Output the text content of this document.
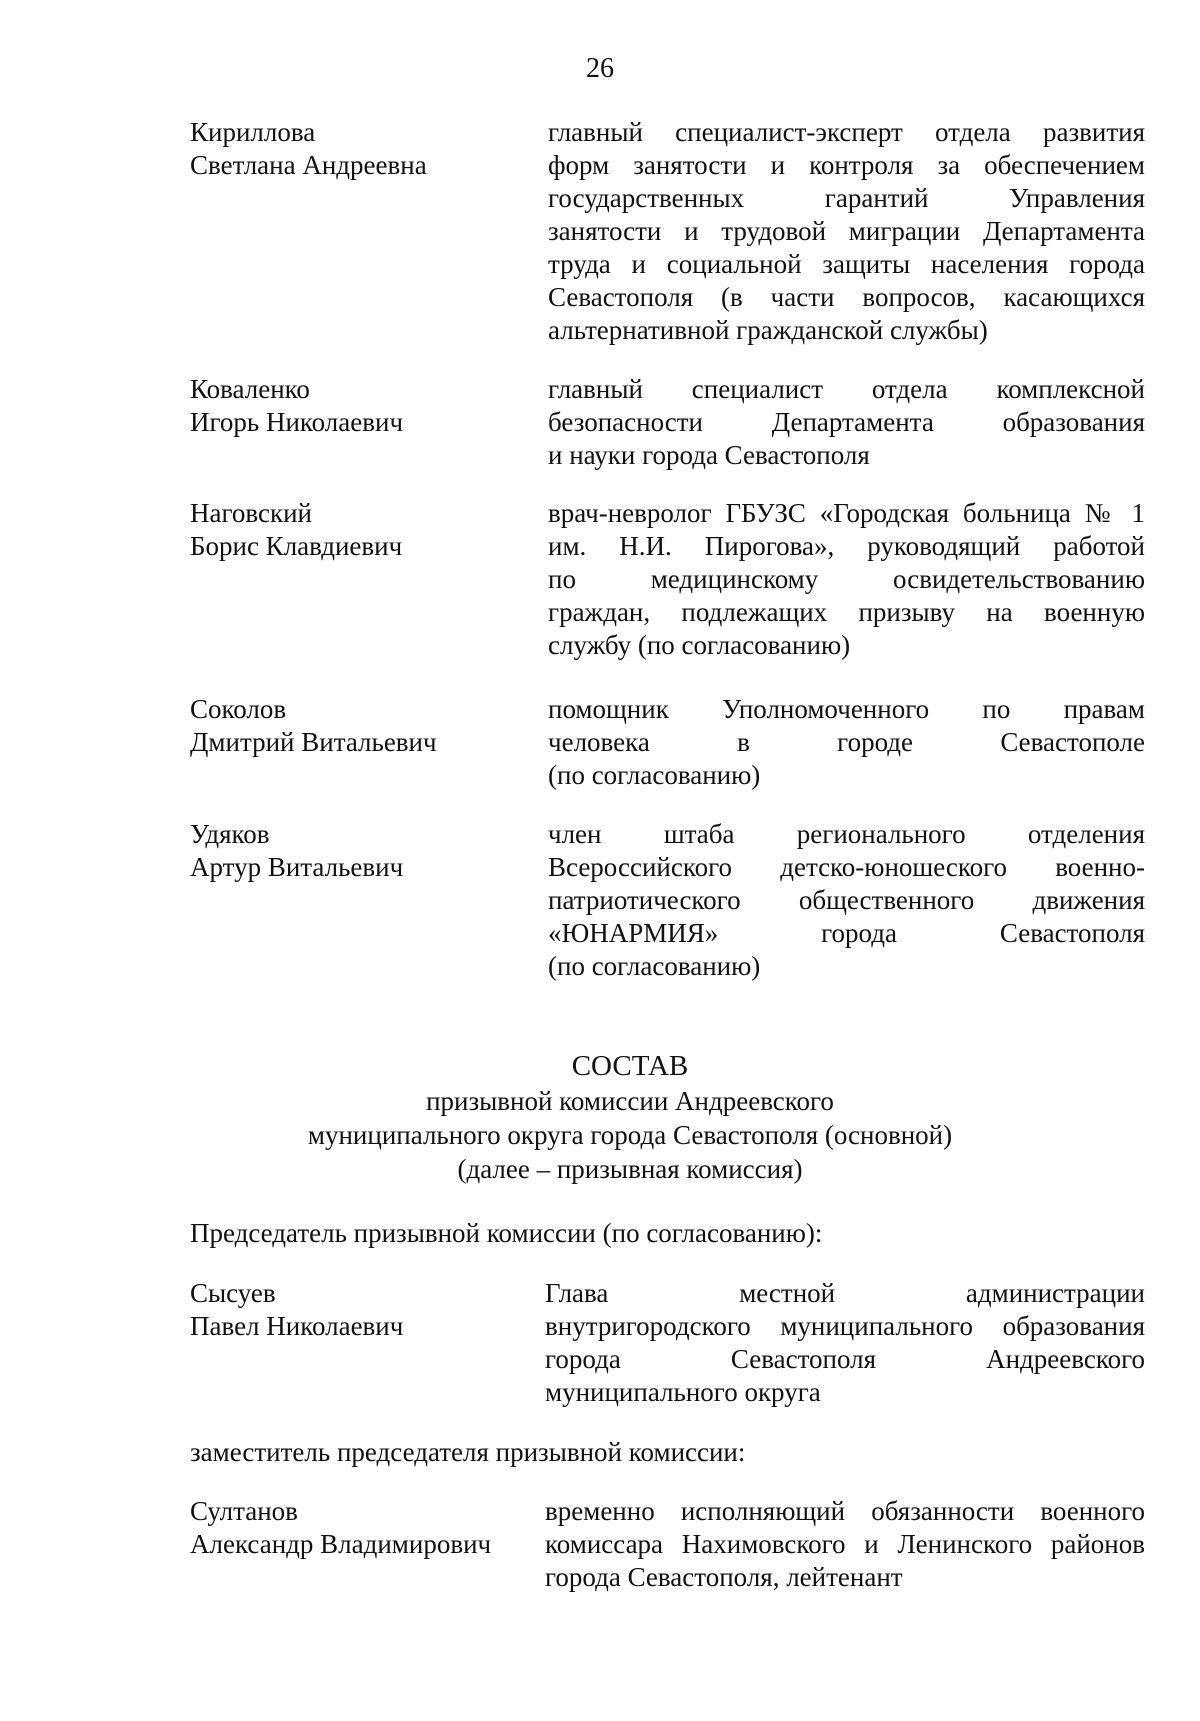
26
Кириллова
Светлана Андреевна
главный специалист-эксперт отдела развития
форм занятости и контроля за обеспечением
государственных гарантий Управления
занятости и трудовой миграции Департамента
труда и социальной защиты населения города
Севастополя (в части вопросов, касающихся
альтернативной гражданской службы)
Коваленко
Игорь Николаевич
главный специалист отдела комплексной
безопасности Департамента образования
и науки города Севастополя
Наговский
Борис Клавдиевич
врач-невролог ГБУЗС «Городская больница № 1
им. Н.И. Пирогова», руководящий работой
по медицинскому освидетельствованию
граждан, подлежащих призыву на военную
службу (по согласованию)
Соколов
Дмитрий Витальевич
помощник Уполномоченного по правам
человека в городе Севастополе
(по согласованию)
Удяков
Артур Витальевич
член штаба регионального отделения
Всероссийского детско-юношеского военно-
патриотического общественного движения
«ЮНАРМИЯ» города Севастополя
(по согласованию)
СОСТАВ
призывной комиссии Андреевского
муниципального округа города Севастополя (основной)
(далее – призывная комиссия)
Председатель призывной комиссии (по согласованию):
Сысуев
Павел Николаевич
Глава местной администрации
внутригородского муниципального образования
города Севастополя Андреевского
муниципального округа
заместитель председателя призывной комиссии:
Султанов
Александр Владимирович
временно исполняющий обязанности военного
комиссара Нахимовского и Ленинского районов
города Севастополя, лейтенант
